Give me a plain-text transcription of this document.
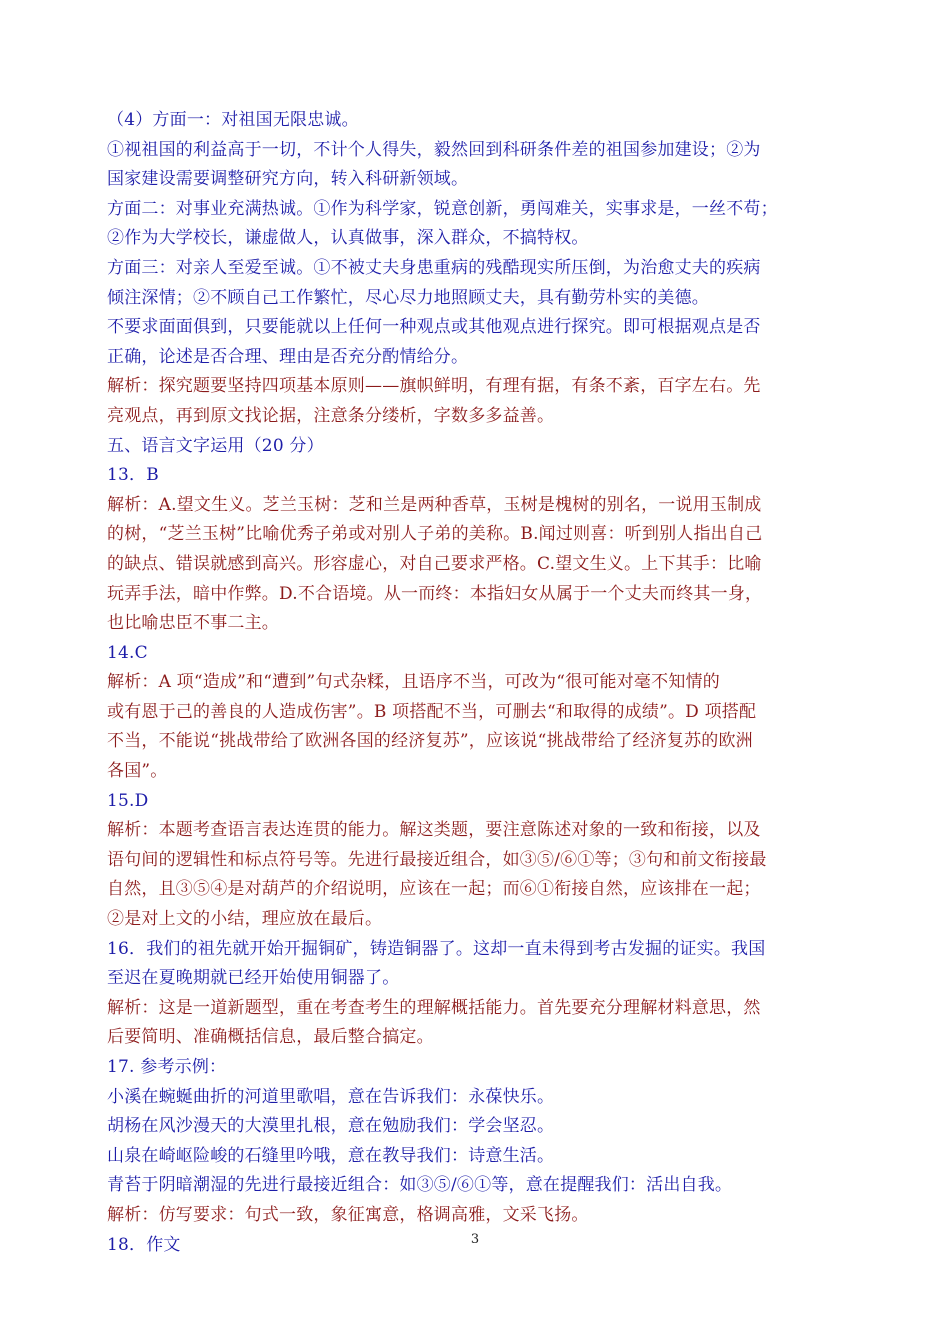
（4）方面一：对祖国无限忠诚。
①视祖国的利益高于一切，不计个人得失，毅然回到科研条件差的祖国参加建设；②为
国家建设需要调整研究方向，转入科研新领域。
方面二：对事业充满热诚。①作为科学家，锐意创新，勇闯难关，实事求是，一丝不苟；
②作为大学校长，谦虚做人，认真做事，深入群众，不搞特权。
方面三：对亲人至爱至诚。①不被丈夫身患重病的残酷现实所压倒，为治愈丈夫的疾病
倾注深情；②不顾自己工作繁忙，尽心尽力地照顾丈夫，具有勤劳朴实的美德。
不要求面面俱到，只要能就以上任何一种观点或其他观点进行探究。即可根据观点是否
正确，论述是否合理、理由是否充分酌情给分。
解析：探究题要坚持四项基本原则——旗帜鲜明，有理有据，有条不紊，百字左右。先
亮观点，再到原文找论据，注意条分缕析，字数多多益善。
五、语言文字运用（20 分）
13．B
解析：A.望文生义。芝兰玉树：芝和兰是两种香草，玉树是槐树的别名，一说用玉制成
的树，“芝兰玉树”比喻优秀子弟或对别人子弟的美称。B.闻过则喜：听到别人指出自己
的缺点、错误就感到高兴。形容虚心，对自己要求严格。C.望文生义。上下其手：比喻
玩弄手法，暗中作弊。D.不合语境。从一而终：本指妇女从属于一个丈夫而终其一身，
也比喻忠臣不事二主。
14.C
解析：A 项“造成”和“遭到”句式杂糅，且语序不当，可改为“很可能对毫不知情的
或有恩于己的善良的人造成伤害”。B 项搭配不当，可删去“和取得的成绩”。D 项搭配
不当，不能说“挑战带给了欧洲各国的经济复苏”，应该说“挑战带给了经济复苏的欧洲
各国”。
15.D
解析：本题考查语言表达连贯的能力。解这类题，要注意陈述对象的一致和衔接，以及
语句间的逻辑性和标点符号等。先进行最接近组合，如③⑤/⑥①等；③句和前文衔接最
自然，且③⑤④是对葫芦的介绍说明，应该在一起；而⑥①衔接自然，应该排在一起；
②是对上文的小结，理应放在最后。
16．我们的祖先就开始开掘铜矿，铸造铜器了。这却一直未得到考古发掘的证实。我国
至迟在夏晚期就已经开始使用铜器了。
解析：这是一道新题型，重在考查考生的理解概括能力。首先要充分理解材料意思，然
后要简明、准确概括信息，最后整合搞定。
17. 参考示例：
小溪在蜿蜒曲折的河道里歌唱，意在告诉我们：永葆快乐。
胡杨在风沙漫天的大漠里扎根，意在勉励我们：学会坚忍。
山泉在崎岖险峻的石缝里吟哦，意在教导我们：诗意生活。
青苔于阴暗潮湿的先进行最接近组合：如③⑤/⑥①等，意在提醒我们：活出自我。
解析：仿写要求：句式一致，象征寓意，格调高雅，文采飞扬。
18．作文	3
